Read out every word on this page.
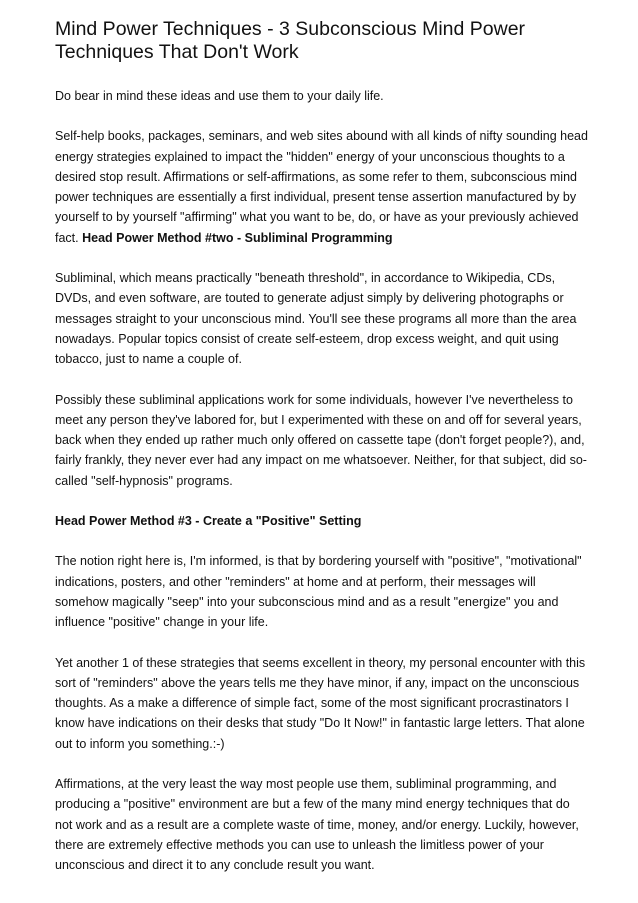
Mind Power Techniques - 3 Subconscious Mind Power Techniques That Don't Work

Do bear in mind these ideas and use them to your daily life.

Self-help books, packages, seminars, and web sites abound with all kinds of nifty sounding head energy strategies explained to impact the "hidden" energy of your unconscious thoughts to a desired stop result. Affirmations or self-affirmations, as some refer to them, subconscious mind power techniques are essentially a first individual, present tense assertion manufactured by by yourself to by yourself "affirming" what you want to be, do, or have as your previously achieved fact. Head Power Method #two - Subliminal Programming

Subliminal, which means practically "beneath threshold", in accordance to Wikipedia, CDs, DVDs, and even software, are touted to generate adjust simply by delivering photographs or messages straight to your unconscious mind. You'll see these programs all more than the area nowadays. Popular topics consist of create self-esteem, drop excess weight, and quit using tobacco, just to name a couple of.

Possibly these subliminal applications work for some individuals, however I've nevertheless to meet any person they've labored for, but I experimented with these on and off for several years, back when they ended up rather much only offered on cassette tape (don't forget people?), and, fairly frankly, they never ever had any impact on me whatsoever. Neither, for that subject, did so-called "self-hypnosis" programs.

Head Power Method #3 - Create a "Positive" Setting

The notion right here is, I'm informed, is that by bordering yourself with "positive", "motivational" indications, posters, and other "reminders" at home and at perform, their messages will somehow magically "seep" into your subconscious mind and as a result "energize" you and influence "positive" change in your life.

Yet another 1 of these strategies that seems excellent in theory, my personal encounter with this sort of "reminders" above the years tells me they have minor, if any, impact on the unconscious thoughts. As a make a difference of simple fact, some of the most significant procrastinators I know have indications on their desks that study "Do It Now!" in fantastic large letters. That alone out to inform you something.:-)

Affirmations, at the very least the way most people use them, subliminal programming, and producing a "positive" environment are but a few of the many mind energy techniques that do not work and as a result are a complete waste of time, money, and/or energy. Luckily, however, there are extremely effective methods you can use to unleash the limitless power of your unconscious and direct it to any conclude result you want.
